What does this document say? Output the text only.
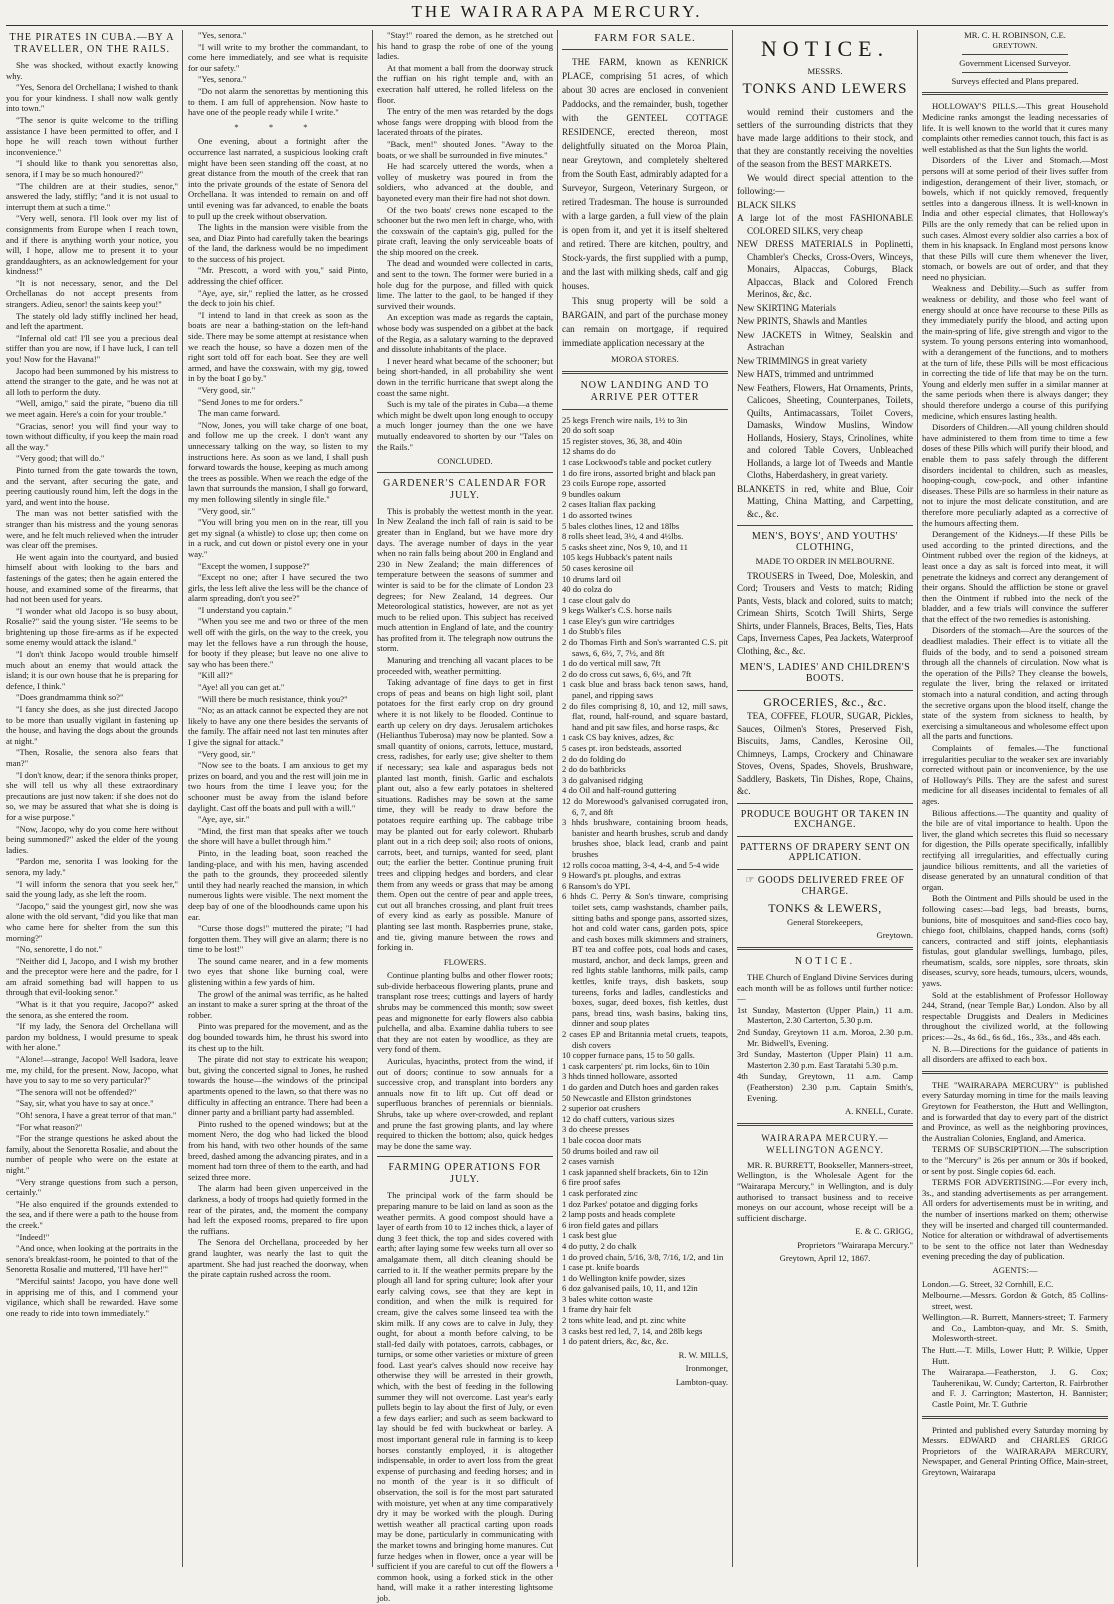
THE WAIRARAPA MERCURY.
THE PIRATES IN CUBA.—BY A TRAVELLER, ON THE RAILS.

She was shocked, without exactly knowing why.

"Yes, Senora del Orchellana; I wished to thank you for your kindness. I shall now walk gently into town."

"The senor is quite welcome to the trifling assistance I have been permitted to offer, and I hope he will reach town without further inconvenience."

"I should like to thank you senorettas also, senora, if I may be so much honoured?"

"The children are at their studies, senor," answered the lady, stiffly; "and it is not usual to interrupt them at such a time."

"Very well, senora. I'll look over my list of consignments from Europe when I reach town, and if there is anything worth your notice, you will, I hope, allow me to present it to your granddaughters, as an acknowledgement for your kindness!"

"It is not necessary, senor, and the Del Orchellanas do not accept presents from strangers. Adieu, senor! the saints keep you!"

The stately old lady stiffly inclined her head, and left the apartment.

"Infernal old cat! I'll see you a precious deal stiffer than you are now, if I have luck, I can tell you! Now for the Havana!"

Jacopo had been summoned by his mistress to attend the stranger to the gate, and he was not at all loth to perform the duty.

"Well, amigo," said the pirate, "bueno dia till we meet again. Here's a coin for your trouble."

"Gracias, senor! you will find your way to town without difficulty, if you keep the main road all the way."

"Very good; that will do."

Pinto turned from the gate towards the town, and the servant, after securing the gate, and peering cautiously round him, left the dogs in the yard, and went into the house.

The man was not better satisfied with the stranger than his mistress and the young senoras were, and he felt much relieved when the intruder was clear off the premises.

He went again into the courtyard, and busied himself about with looking to the bars and fastenings of the gates; then he again entered the house, and examined some of the firearms, that had not been used for years.

"I wonder what old Jacopo is so busy about, Rosalie?" said the young sister. "He seems to be brightening up those fire-arms as if he expected some enemy would attack the island."

"I don't think Jacopo would trouble himself much about an enemy that would attack the island; it is our own house that he is preparing for defence, I think."

"Does grandmamma think so?"

"I fancy she does, as she just directed Jacopo to be more than usually vigilant in fastening up the house, and having the dogs about the grounds at night."

"Then, Rosalie, the senora also fears that man?"

"I don't know, dear; if the senora thinks proper, she will tell us why all these extraordinary precautions are just now taken: if she does not do so, we may be assured that what she is doing is for a wise purpose."

"Now, Jacopo, why do you come here without being summoned?" asked the elder of the young ladies.

"Pardon me, senorita I was looking for the senora, my lady."

"I will inform the senora that you seek her," said the young lady, as she left the room.

"Jacopo," said the youngest girl, now she was alone with the old servant, "did you like that man who came here for shelter from the sun this morning?"

"No, senorette, I do not."

"Neither did I, Jacopo, and I wish my brother and the preceptor were here and the padre, for I am afraid something bad will happen to us through that evil-looking senor."

"What is it that you require, Jacopo?" asked the senora, as she entered the room.

"If my lady, the Senora del Orchellana will pardon my boldness, I would presume to speak with her alone."

"Alone!—strange, Jacopo! Well Isadora, leave me, my child, for the present. Now, Jacopo, what have you to say to me so very particular?"

"The senora will not be offended?"

"Say, sir, what you have to say at once."

"Oh! senora, I have a great terror of that man."

"For what reason?"

"For the strange questions he asked about the family, about the Senoretta Rosalie, and about the number of people who were on the estate at night."

"Very strange questions from such a person, certainly."

"He also enquired if the grounds extended to the sea, and if there were a path to the house from the creek."

"Indeed!"

"And once, when looking at the portraits in the senora's breakfast-room, he pointed to that of the Senoretta Rosalie and muttered, 'I'll have her!'"

"Merciful saints! Jacopo, you have done well in apprising me of this, and I commend your vigilance, which shall be rewarded. Have some one ready to ride into town immediately."

"Yes, senora."

"I will write to my brother the commandant, to come here immediately, and see what is requisite for our safety."

"Yes, senora."

"Do not alarm the senorettas by mentioning this to them. I am full of apprehension. Now haste to have one of the people ready while I write."

* * *

One evening, about a fortnight after the occurrence last narrated, a suspicious looking craft might have been seen standing off the coast, at no great distance from the mouth of the creek that ran into the private grounds of the estate of Senora del Orchellana. It was intended to remain on and off until evening was far advanced, to enable the boats to pull up the creek without observation.

The lights in the mansion were visible from the sea, and Diaz Pinto had carefully taken the bearings of the land, the darkness would be no impediment to the success of his project.

"Mr. Prescott, a word with you," said Pinto, addressing the chief officer.

"Aye, aye, sir," replied the latter, as he crossed the deck to join his chief.

"I intend to land in that creek as soon as the boats are near a bathing-station on the left-hand side. There may be some attempt at resistance when we reach the house, so have a dozen men of the right sort told off for each boat. See they are well armed, and have the coxswain, with my gig, towed in by the boat I go by."

"Very good, sir."

"Send Jones to me for orders."

The man came forward.

"Now, Jones, you will take charge of one boat, and follow me up the creek. I don't want any unnecessary talking on the way, so listen to my instructions here. As soon as we land, I shall push forward towards the house, keeping as much among the trees as possible. When we reach the edge of the lawn that surrounds the mansion, I shall go forward, my men following silently in single file."

"Very good, sir."

"You will bring you men on in the rear, till you get my signal (a whistle) to close up; then come on in a ruck, and cut down or pistol every one in your way."

"Except the women, I suppose?"

"Except no one; after I have secured the two girls, the less left alive the less will be the chance of alarm spreading, don't you see?"

"I understand you captain."

"When you see me and two or three of the men well off with the girls, on the way to the creek, you may let the fellows have a run through the house, for booty if they please; but leave no one alive to say who has been there."

"Kill all?"

"Aye! all you can get at."

"Will there be much resistance, think you?"

"No; as an attack cannot be expected they are not likely to have any one there besides the servants of the family. The affair need not last ten minutes after I give the signal for attack."

"Very good, sir."

"Now see to the boats. I am anxious to get my prizes on board, and you and the rest will join me in two hours from the time I leave you; for the schooner must be away from the island before daylight. Cast off the boats and pull with a will."

"Aye, aye, sir."

"Mind, the first man that speaks after we touch the shore will have a bullet through him."

Pinto, in the leading boat, soon reached the landing-place, and with his men, having ascended the path to the grounds, they proceeded silently until they had nearly reached the mansion, in which numerous lights were visible. The next moment the deep bay of one of the bloodhounds came upon his ear.

"Curse those dogs!" muttered the pirate; "I had forgotten them. They will give an alarm; there is no time to be lost!"

The sound came nearer, and in a few moments two eyes that shone like burning coal, were glistening within a few yards of him.

The growl of the animal was terrific, as he halted an instant to make a surer spring at the throat of the robber.

Pinto was prepared for the movement, and as the dog bounded towards him, he thrust his sword into its chest up to the hilt.

The pirate did not stay to extricate his weapon; but, giving the concerted signal to Jones, he rushed towards the house—the windows of the principal apartments opened to the lawn, so that there was no difficulty in affecting an entrance. There had been a dinner party and a brilliant party had assembled.

Pinto rushed to the opened windows; but at the moment Nero, the dog who had licked the blood from his hand, with two other hounds of the same breed, dashed among the advancing pirates, and in a moment had torn three of them to the earth, and had seized three more.

The alarm had been given unperceived in the darkness, a body of troops had quietly formed in the rear of the pirates, and, the moment the company had left the exposed rooms, prepared to fire upon the ruffians.

The Senora del Orchellana, proceeded by her grand laughter, was nearly the last to quit the apartment. She had just reached the doorway, when the pirate captain rushed across the room.

"Stay!" roared the demon, as he stretched out his hand to grasp the robe of one of the young ladies.

At that moment a ball from the doorway struck the ruffian on his right temple and, with an execration half uttered, he rolled lifeless on the floor.

The entry of the men was retarded by the dogs whose fangs were dropping with blood from the lacerated throats of the pirates.

"Back, men!" shouted Jones. "Away to the boats, or we shall be surrounded in five minutes."

He had scarcely uttered the words, when a volley of musketry was poured in from the soldiers, who advanced at the double, and bayoneted every man their fire had not shot down.

Of the two boats' crews none escaped to the schooner but the two men left in charge, who, with the coxswain of the captain's gig, pulled for the pirate craft, leaving the only serviceable boats of the ship moored on the creek.

The dead and wounded were collected in carts, and sent to the town. The former were buried in a hole dug for the purpose, and filled with quick lime. The latter to the gaol, to be hanged if they survived their wounds.

An exception was made as regards the captain, whose body was suspended on a gibbet at the back of the Regia, as a salutary warning to the depraved and dissolute inhabitants of the place.

I never heard what became of the schooner; but being short-handed, in all probability she went down in the terrific hurricane that swept along the coast the same night.

Such is my tale of the pirates in Cuba—a theme which might be dwelt upon long enough to occupy a much longer journey than the one we have mutually endeavored to shorten by our "Tales on the Rails."

CONCLUDED.
GARDENER'S CALENDAR FOR JULY.

This is probably the wettest month in the year. In New Zealand the inch fall of rain is said to be greater than in England, but we have more dry days. The average number of days in the year when no rain falls being about 200 in England and 230 in New Zealand; the main differences of temperature between the seasons of summer and winter is said to be for the climate of London 23 degrees; for New Zealand, 14 degrees. Our Meteorological statistics, however, are not as yet much to be relied upon. This subject has received much attention in England of late, and the country has profited from it. The telegraph now outruns the storm.

Manuring and trenching all vacant places to be proceeded with, weather permitting.

Taking advantage of fine days to get in first crops of peas and beans on high light soil, plant potatoes for the first early crop on dry ground where it is not likely to be flooded. Continue to earth up celery on dry days. Jerusalem artichokes (Helianthus Tuberosa) may now be planted. Sow a small quantity of onions, carrots, lettuce, mustard, cress, radishes, for early use; give shelter to them if necessary; sea kale and asparagus beds not planted last month, finish. Garlic and eschalots plant out, also a few early potatoes in sheltered situations. Radishes may be sown at the same time, they will be ready to draw before the potatoes require earthing up. The cabbage tribe may be planted out for early colewort. Rhubarb plant out in a rich deep soil; also roots of onions, carrots, beet, and turnips, wanted for seed, plant out; the earlier the better. Continue pruning fruit trees and clipping hedges and borders, and clear them from any weeds or grass that may be among them. Open out the centre of pear and apple trees, cut out all branches crossing, and plant fruit trees of every kind as early as possible. Manure of planting see last month. Raspberries prune, stake, and tie, giving manure between the rows and forking in.

FLOWERS.

Continue planting bulbs and other flower roots; sub-divide herbaceous flowering plants, prune and transplant rose trees; cuttings and layers of hardy shrubs may be commenced this month; sow sweet peas and mignonette for early flowers also cabbia pulchella, and alba. Examine dahlia tubers to see that they are not eaten by woodlice, as they are very fond of them.

Auriculas, hyacinths, protect from the wind, if out of doors; continue to sow annuals for a successive crop, and transplant into borders any annuals now fit to lift up. Cut off dead or superfluous branches of perennials or biennials. Shrubs, take up where over-crowded, and replant and prune the fast growing plants, and lay where required to thicken the bottom; also, quick hedges may be done the same way.

FARMING OPERATIONS FOR JULY.

The principal work of the farm should be preparing manure to be laid on land as soon as the weather permits. A good compost should have a layer of earth from 10 to 12 inches thick, a layer of dung 3 feet thick, the top and sides covered with earth; after laying some few weeks turn all over so amalgamate them, all ditch cleaning should be carried to it. If the weather permits prepare by the plough all land for spring culture; look after your early calving cows, see that they are kept in condition, and when the milk is required for cream, give the calves some linseed tea with the skim milk. If any cows are to calve in July, they ought, for about a month before calving, to be stall-fed daily with potatoes, carrots, cabbages, or turnips, or some other varieties or mixture of green food. Last year's calves should now receive hay otherwise they will be arrested in their growth, which, with the best of feeding in the following summer they will not overcome. Last year's early pullets begin to lay about the first of July, or even a few days earlier; and such as seem backward to lay should be fed with buckwheat or barley. A most important general rule in farming is to keep horses constantly employed, it is altogether indispensable, in order to avert loss from the great expense of purchasing and feeding horses; and in no month of the year is it so difficult of observation, the soil is for the most part saturated with moisture, yet when at any time comparatively dry it may be worked with the plough. During wettish weather all practical carting upon roads may be done, particularly in communicating with the market towns and bringing home manures. Cut furze hedges when in flower, once a year will be sufficient if you are careful to cut off the flowers a common hook, using a forked stick in the other hand, will make it a rather interesting lightsome job.

FARM FOR SALE.

THE FARM, known as KENRICK PLACE, comprising 51 acres, of which about 30 acres are enclosed in convenient Paddocks, and the remainder, bush, together with the GENTEEL COTTAGE RESIDENCE, erected thereon, most delightfully situated on the Moroa Plain, near Greytown, and completely sheltered from the South East, admirably adapted for a Surveyor, Surgeon, Veterinary Surgeon, or retired Tradesman. The house is surrounded with a large garden, a full view of the plain is open from it, and yet it is itself sheltered and retired. There are kitchen, poultry, and Stock-yards, the first supplied with a pump, and the last with milking sheds, calf and gig houses.

This snug property will be sold a BARGAIN, and part of the purchase money can remain on mortgage, if required immediate application necessary at the

MOROA STORES.
NOW LANDING AND TO ARRIVE PER OTTER
25 kegs French wire nails, 1½ to 3in
20 do soft soap
15 register stoves, 36, 38, and 40in
12 shams do do
1 case Lockwood's table and pocket cutlery
1 do fire irons, assorted bright and black pan
23 coils Europe rope, assorted
9 bundles oakum
2 cases Italian flax packing
1 do assorted twines
5 bales clothes lines, 12 and 18lbs
8 rolls sheet lead, 3½, 4 and 4½lbs.
5 casks sheet zinc, Nos 9, 10, and 11
105 kegs Hubback's patent nails
50 cases kerosine oil
10 drums lard oil
40 do colza do
1 case clout galv do
9 kegs Walker's C.S. horse nails
1 case Eley's gun wire cartridges
1 do Stubb's files
2 do Thomas Firth and Son's warranted C.S. pit saws, 6, 6½, 7, 7½, and 8ft
1 do do vertical mill saw, 7ft
2 do do cross cut saws, 6, 6½, and 7ft
1 cask blue and brass back tenon saws, hand, panel, and ripping saws
2 do files comprising 8, 10, and 12, mill saws, flat, round, half-round, and square bastard, hand and pit saw files, and horse rasps, &c
1 cask CS bay knives, adzes, &c
5 cases pt. iron bedsteads, assorted
2 do do folding do
2 do do bathbricks
3 do galvanised ridging
4 do Oil and half-round guttering
12 do Morewood's galvanised corrugated iron, 6, 7, and 8ft
3 hhds brushware, containing broom heads, banister and hearth brushes, scrub and dandy brushes shoe, black lead, cranb and paint brushes
12 rolls cocoa matting, 3-4, 4-4, and 5-4 wide
9 Howard's pt. ploughs, and extras
6 Ransom's do YPL
6 hhds C. Perry & Son's tinware, comprising toilet sets, camp washstands, chamber pails, sitting baths and sponge pans, assorted sizes, hot and cold water cans, garden pots, spice and cash boxes milk skimmers and strainers, BT tea and coffee pots, coal hods and cases, mustard, anchor, and deck lamps, green and red lights stable lanthorns, milk pails, camp kettles, knife trays, dish baskets, soup tureens, forks and ladles, candlesticks and boxes, sugar, deed boxes, fish kettles, dust pans, bread tins, wash basins, baking tins, dinner and soup plates
2 cases EP and Britannia metal cruets, teapots, dish covers
10 copper furnace pans, 15 to 50 galls.
1 cask carpenters' pt. rim locks, 6in to 10in
3 hhds tinned holloware, assorted
1 do garden and Dutch hoes and garden rakes
50 Newcastle and Ellston grindstones
2 superior oat crushers
12 do chaff cutters, various sizes
3 do cheese presses
1 bale cocoa door mats
50 drums boiled and raw oil
2 cases varnish
1 cask japanned shelf brackets, 6in to 12in
6 fire proof safes
1 cask perforated zinc
1 doz Parkes' potatoe and digging forks
2 lamp posts and heads complete
6 iron field gates and pillars
1 cask best glue
4 do putty, 2 do chalk
1 do proved chain, 5/16, 3/8, 7/16, 1/2, and 1in
1 case pt. knife boards
1 do Wellington knife powder, sizes
6 doz galvanised pails, 10, 11, and 12in
3 bales white cotton waste
1 frame dry hair felt
2 tons white lead, and pt. zinc white
3 casks best red led, 7, 14, and 28lb kegs
1 do patent driers, &c, &c, &c.
R. W. MILLS,
Ironmonger,
Lambton-quay.
NOTICE.
MESSRS.
TONKS AND LEWERS

would remind their customers and the settlers of the surrounding districts that they have made large additions to their stock, and that they are constantly receiving the novelties of the season from the BEST MARKETS.

We would direct special attention to the following:—

BLACK SILKS

A large lot of the most FASHIONABLE COLORED SILKS, very cheap

NEW DRESS MATERIALS in Poplinetti, Chambler's Checks, Cross-Overs, Winceys, Monairs, Alpaccas, Coburgs, Black Alpaccas, Black and Colored French Merinos, &c, &c.

New SKIRTING Materials

New PRINTS, Shawls and Mantles

New JACKETS in Witney, Sealskin and Astrachan

New TRIMMINGS in great variety

New HATS, trimmed and untrimmed

New Feathers, Flowers, Hat Ornaments, Prints, Calicoes, Sheeting, Counterpanes, Toilets, Quilts, Antimacassars, Toilet Covers, Damasks, Window Muslins, Window Hollands, Hosiery, Stays, Crinolines, white and colored Table Covers, Unbleached Hollands, a large lot of Tweeds and Mantle Cloths, Haberdashery, in great variety.

BLANKETS in red, white and Blue, Coir Matting, China Matting, and Carpetting, &c., &c.

MEN'S, BOYS', AND YOUTHS' CLOTHING,
MADE TO ORDER IN MELBOURNE.

TROUSERS in Tweed, Doe, Moleskin, and Cord; Trousers and Vests to match; Riding Pants, Vests, black and colored, suits to match; Crimean Shirts, Scotch Twill Shirts, Serge Shirts, under Flannels, Braces, Belts, Ties, Hats Caps, Inverness Capes, Pea Jackets, Waterproof Clothing, &c., &c.

MEN'S, LADIES' AND CHILDREN'S BOOTS.
GROCERIES, &c., &c.

TEA, COFFEE, FLOUR, SUGAR, Pickles, Sauces, Oilmen's Stores, Preserved Fish, Biscuits, Jams, Candles, Kerosine Oil, Chimneys, Lamps, Crockery and Chinaware Stoves, Ovens, Spades, Shovels, Brushware, Saddlery, Baskets, Tin Dishes, Rope, Chains, &c.

PRODUCE BOUGHT OR TAKEN IN EXCHANGE.
PATTERNS OF DRAPERY SENT ON APPLICATION.
☞ GOODS DELIVERED FREE OF CHARGE.
TONKS & LEWERS,
General Storekeepers,
Greytown.
NOTICE.

THE Church of England Divine Services during each month will be as follows until further notice:—

1st Sunday, Masterton (Upper Plain,) 11 a.m. Masterton, 2.30 Carterton, 5.30 p.m.

2nd Sunday, Greytown 11 a.m. Moroa, 2.30 p.m. Mr. Bidwell's, Evening.

3rd Sunday, Masterton (Upper Plain) 11 a.m. Masterton 2.30 p.m. East Taratahi 5.30 p.m.

4th Sunday, Greytown, 11 a.m. Camp (Featherston) 2.30 p.m. Captain Smith's, Evening.

A. KNELL, Curate.
WAIRARAPA MERCURY.—WELLINGTON AGENCY.

MR. R. BURRETT, Bookseller, Manners-street, Wellington, is the Wholesale Agent for the "Wairarapa Mercury," in Wellington, and is duly authorised to transact business and to receive moneys on our account, whose receipt will be a sufficient discharge.

E. & C. GRIGG,
Proprietors "Wairarapa Mercury."
Greytown, April 12, 1867.
MR. C. H. ROBINSON, C.E.
GREYTOWN.
Government Licensed Surveyor.
Surveys effected and Plans prepared.

HOLLOWAY'S PILLS.—This great Household Medicine ranks amongst the leading necessaries of life. It is well known to the world that it cures many complaints other remedies cannot touch, this fact is as well established as that the Sun lights the world.

Disorders of the Liver and Stomach.—Most persons will at some period of their lives suffer from indigestion, derangement of their liver, stomach, or bowels, which if not quickly removed, frequently settles into a dangerous illness. It is well-known in India and other especial climates, that Holloway's Pills are the only remedy that can be relied upon in such cases. Almost every soldier also carries a box of them in his knapsack. In England most persons know that these Pills will cure them whenever the liver, stomach, or bowels are out of order, and that they need no physician.

Weakness and Debility.—Such as suffer from weakness or debility, and those who feel want of energy should at once have recourse to these Pills as they immediately purify the blood, and acting upon the main-spring of life, give strength and vigor to the system. To young persons entering into womanhood, with a derangement of the functions, and to mothers at the turn of life, these Pills will be most efficacious in correcting the tide of life that may be on the turn. Young and elderly men suffer in a similar manner at the same periods when there is always danger; they should therefore undergo a course of this purifying medicine, which ensures lasting health.

Disorders of Children.—All young children should have administered to them from time to time a few doses of these Pills which will purify their blood, and enable them to pass safely through the different disorders incidental to children, such as measles, hooping-cough, cow-pock, and other infantine diseases. These Pills are so harmless in their nature as not to injure the most delicate constitution, and are therefore more peculiarly adapted as a corrective of the humours affecting them.

Derangement of the Kidneys.—If these Pills be used according to the printed directions, and the Ointment rubbed over the region of the kidneys, at least once a day as salt is forced into meat, it will penetrate the kidneys and correct any derangement of their organs. Should the affliction be stone or gravel then the Ointment if rubbed into the neck of the bladder, and a few trials will convince the sufferer that the effect of the two remedies is astonishing.

Disorders of the stomach—Are the sources of the deadliest maladies. Their effect is to vitiate all the fluids of the body, and to send a poisoned stream through all the channels of circulation. Now what is the operation of the Pills? They cleanse the bowels, regulate the liver, bring the relaxed or irritated stomach into a natural condition, and acting through the secretive organs upon the blood itself, change the state of the system from sickness to health, by exercising a simultaneous and wholesome effect upon all the parts and functions.

Complaints of females.—The functional irregularities peculiar to the weaker sex are invariably corrected without pain or inconvenience, by the use of Holloway's Pills. They are the safest and surest medicine for all diseases incidental to females of all ages.

Bilious affections.—The quantity and quality of the bile are of vital importance to health. Upon the liver, the gland which secretes this fluid so necessary for digestion, the Pills operate specifically, infallibly rectifying all irregularities, and effectually curing jaundice bilious remittents, and all the varieties of disease generated by an unnatural condition of that organ.

Both the Ointment and Pills should be used in the following cases:—bad legs, bad breasts, burns, bunions, bite of mosquitoes and sand-flies coco bay, chiego foot, chilblains, chapped hands, corns (soft) cancers, contracted and stiff joints, elephantiasis fistulas, gout glandular swellings, lumbago, piles, rheumatism, scalds, sore nipples, sore throats, skin diseases, scurvy, sore heads, tumours, ulcers, wounds, yaws.

Sold at the establishment of Professor Holloway 244, Strand, (near Temple Bar,) London. Also by all respectable Druggists and Dealers in Medicines throughout the civilized world, at the following prices:—2s., 4s 6d., 6s 6d., 16s., 33s., and 48s each.

N. B.—Directions for the guidance of patients in all disorders are affixed to each box.

THE "WAIRARAPA MERCURY" is published every Saturday morning in time for the mails leaving Greytown for Featherston, the Hutt and Wellington, and is forwarded that day to every part of the district and Province, as well as the neighboring provinces, the Australian Colonies, England, and America.

TERMS OF SUBSCRIPTION.—The subscription to the "Mercury" is 26s per annum or 30s if booked, or sent by post. Single copies 6d. each.

TERMS FOR ADVERTISING.—For every inch, 3s., and standing advertisements as per arrangement. All orders for advertisements must be in writing, and the number of insertions marked on them; otherwise they will be inserted and charged till countermanded. Notice for alteration or withdrawal of advertisements to be sent to the office not later than Wednesday evening preceding the day of publication.

AGENTS:—

London.—G. Street, 32 Cornhill, E.C.

Melbourne.—Messrs. Gordon & Gotch, 85 Collins-street, west.

Wellington.—R. Burrett, Manners-street; T. Farmery and Co., Lambton-quay, and Mr. S. Smith, Molesworth-street.

The Hutt.—T. Mills, Lower Hutt; P. Wilkie, Upper Hutt.

The Wairarapa.—Featherston, J. G. Cox; Tauherenikau, W. Cundy; Carterton, R. Fairbrother and F. J. Carrington; Masterton, H. Bannister; Castle Point, Mr. T. Guthrie

Printed and published every Saturday morning by Messrs. EDWARD and CHARLES GRIGG Proprietors of the WAIRARAPA MERCURY, Newspaper, and General Printing Office, Main-street, Greytown, Wairarapa
